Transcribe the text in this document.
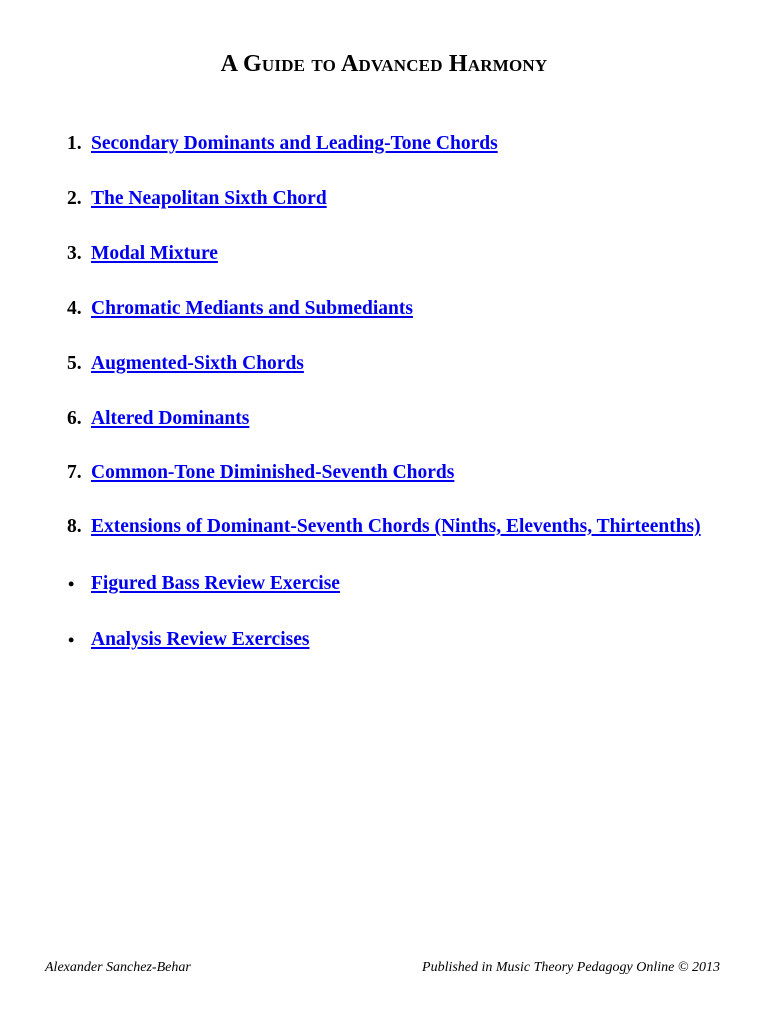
A Guide to Advanced Harmony
1. Secondary Dominants and Leading-Tone Chords
2. The Neapolitan Sixth Chord
3. Modal Mixture
4. Chromatic Mediants and Submediants
5. Augmented-Sixth Chords
6. Altered Dominants
7. Common-Tone Diminished-Seventh Chords
8. Extensions of Dominant-Seventh Chords (Ninths, Elevenths, Thirteenths)
• Figured Bass Review Exercise
• Analysis Review Exercises
Alexander Sanchez-Behar	Published in Music Theory Pedagogy Online © 2013
